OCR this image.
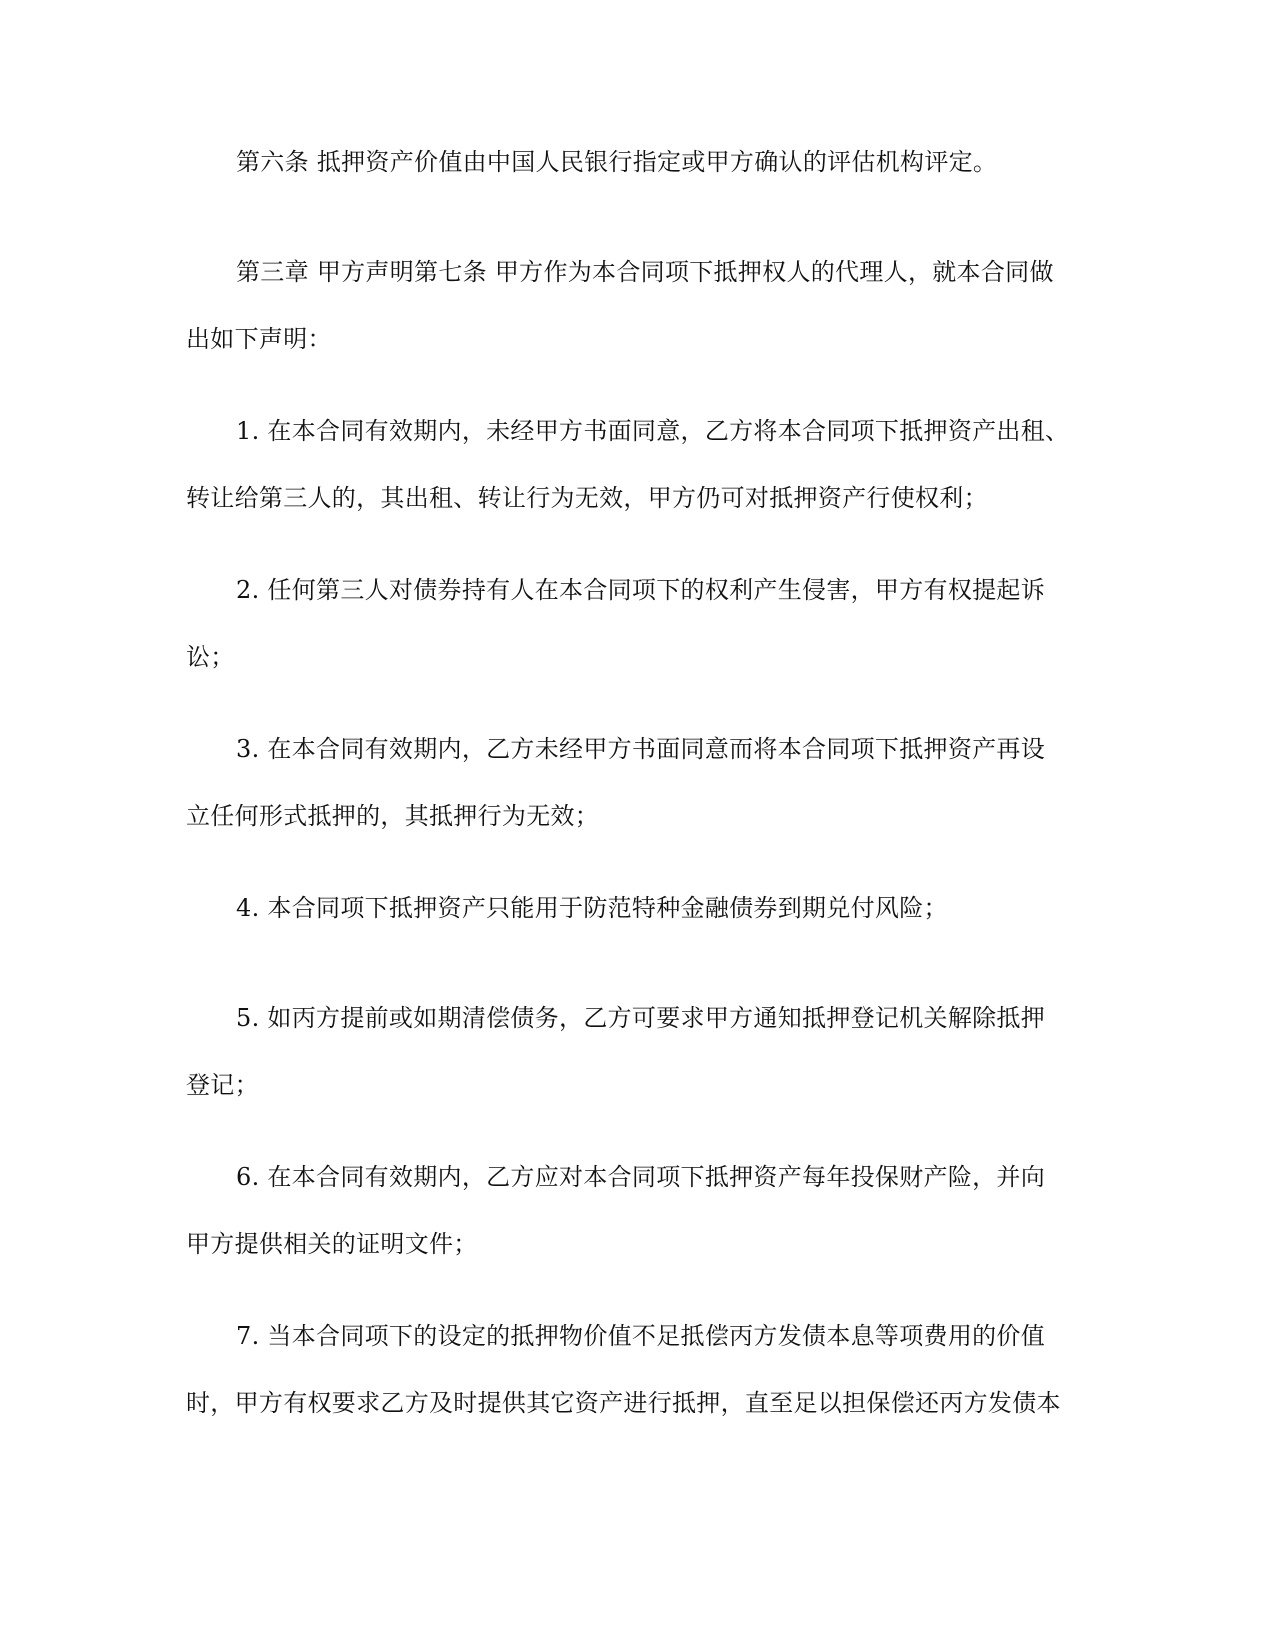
第六条 抵押资产价值由中国人民银行指定或甲方确认的评估机构评定。

第三章 甲方声明第七条 甲方作为本合同项下抵押权人的代理人，就本合同做
出如下声明：

1. 在本合同有效期内，未经甲方书面同意，乙方将本合同项下抵押资产出租、
转让给第三人的，其出租、转让行为无效，甲方仍可对抵押资产行使权利；

2. 任何第三人对债券持有人在本合同项下的权利产生侵害，甲方有权提起诉
讼；

3. 在本合同有效期内，乙方未经甲方书面同意而将本合同项下抵押资产再设
立任何形式抵押的，其抵押行为无效；

4. 本合同项下抵押资产只能用于防范特种金融债券到期兑付风险；

5. 如丙方提前或如期清偿债务，乙方可要求甲方通知抵押登记机关解除抵押
登记；

6. 在本合同有效期内，乙方应对本合同项下抵押资产每年投保财产险，并向
甲方提供相关的证明文件；

7. 当本合同项下的设定的抵押物价值不足抵偿丙方发债本息等项费用的价值
时，甲方有权要求乙方及时提供其它资产进行抵押，直至足以担保偿还丙方发债本
